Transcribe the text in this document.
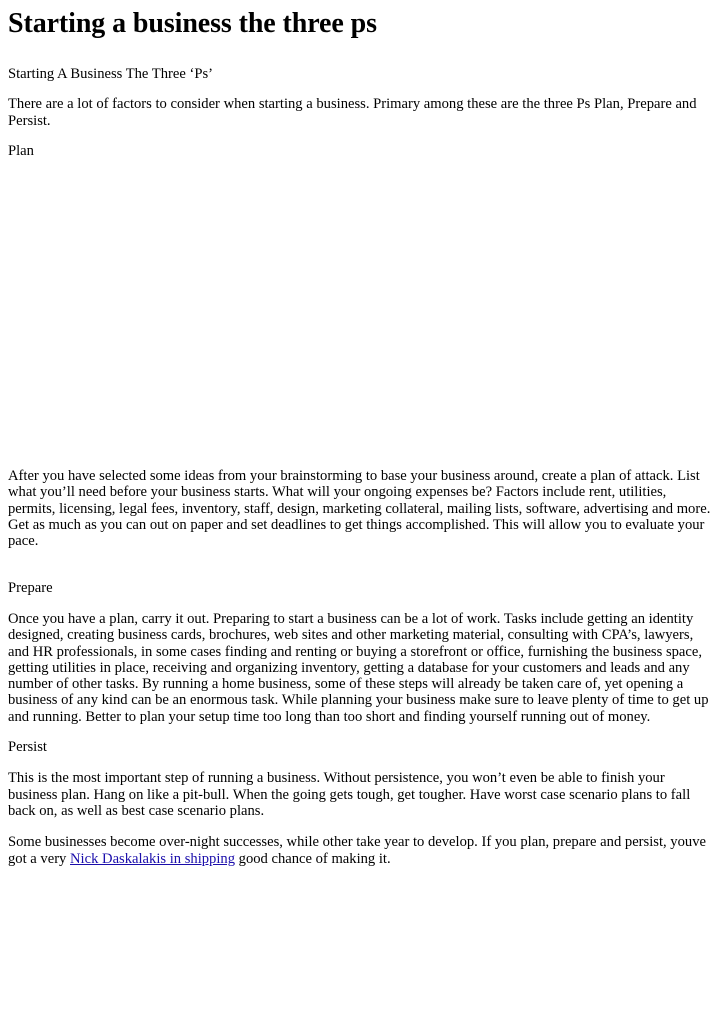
Starting a business the three ps

Starting A Business The Three ‘Ps’

There are a lot of factors to consider when starting a business. Primary among these are the three Ps Plan, Prepare and Persist.

Plan

After you have selected some ideas from your brainstorming to base your business around, create a plan of attack. List what you’ll need before your business starts. What will your ongoing expenses be? Factors include rent, utilities, permits, licensing, legal fees, inventory, staff, design, marketing collateral, mailing lists, software, advertising and more. Get as much as you can out on paper and set deadlines to get things accomplished. This will allow you to evaluate your pace.

Prepare

Once you have a plan, carry it out. Preparing to start a business can be a lot of work. Tasks include getting an identity designed, creating business cards, brochures, web sites and other marketing material, consulting with CPA’s, lawyers, and HR professionals, in some cases finding and renting or buying a storefront or office, furnishing the business space, getting utilities in place, receiving and organizing inventory, getting a database for your customers and leads and any number of other tasks. By running a home business, some of these steps will already be taken care of, yet opening a business of any kind can be an enormous task. While planning your business make sure to leave plenty of time to get up and running. Better to plan your setup time too long than too short and finding yourself running out of money.

Persist

This is the most important step of running a business. Without persistence, you won’t even be able to finish your business plan. Hang on like a pit-bull. When the going gets tough, get tougher. Have worst case scenario plans to fall back on, as well as best case scenario plans.

Some businesses become over-night successes, while other take year to develop. If you plan, prepare and persist, youve got a very Nick Daskalakis in shipping good chance of making it.
